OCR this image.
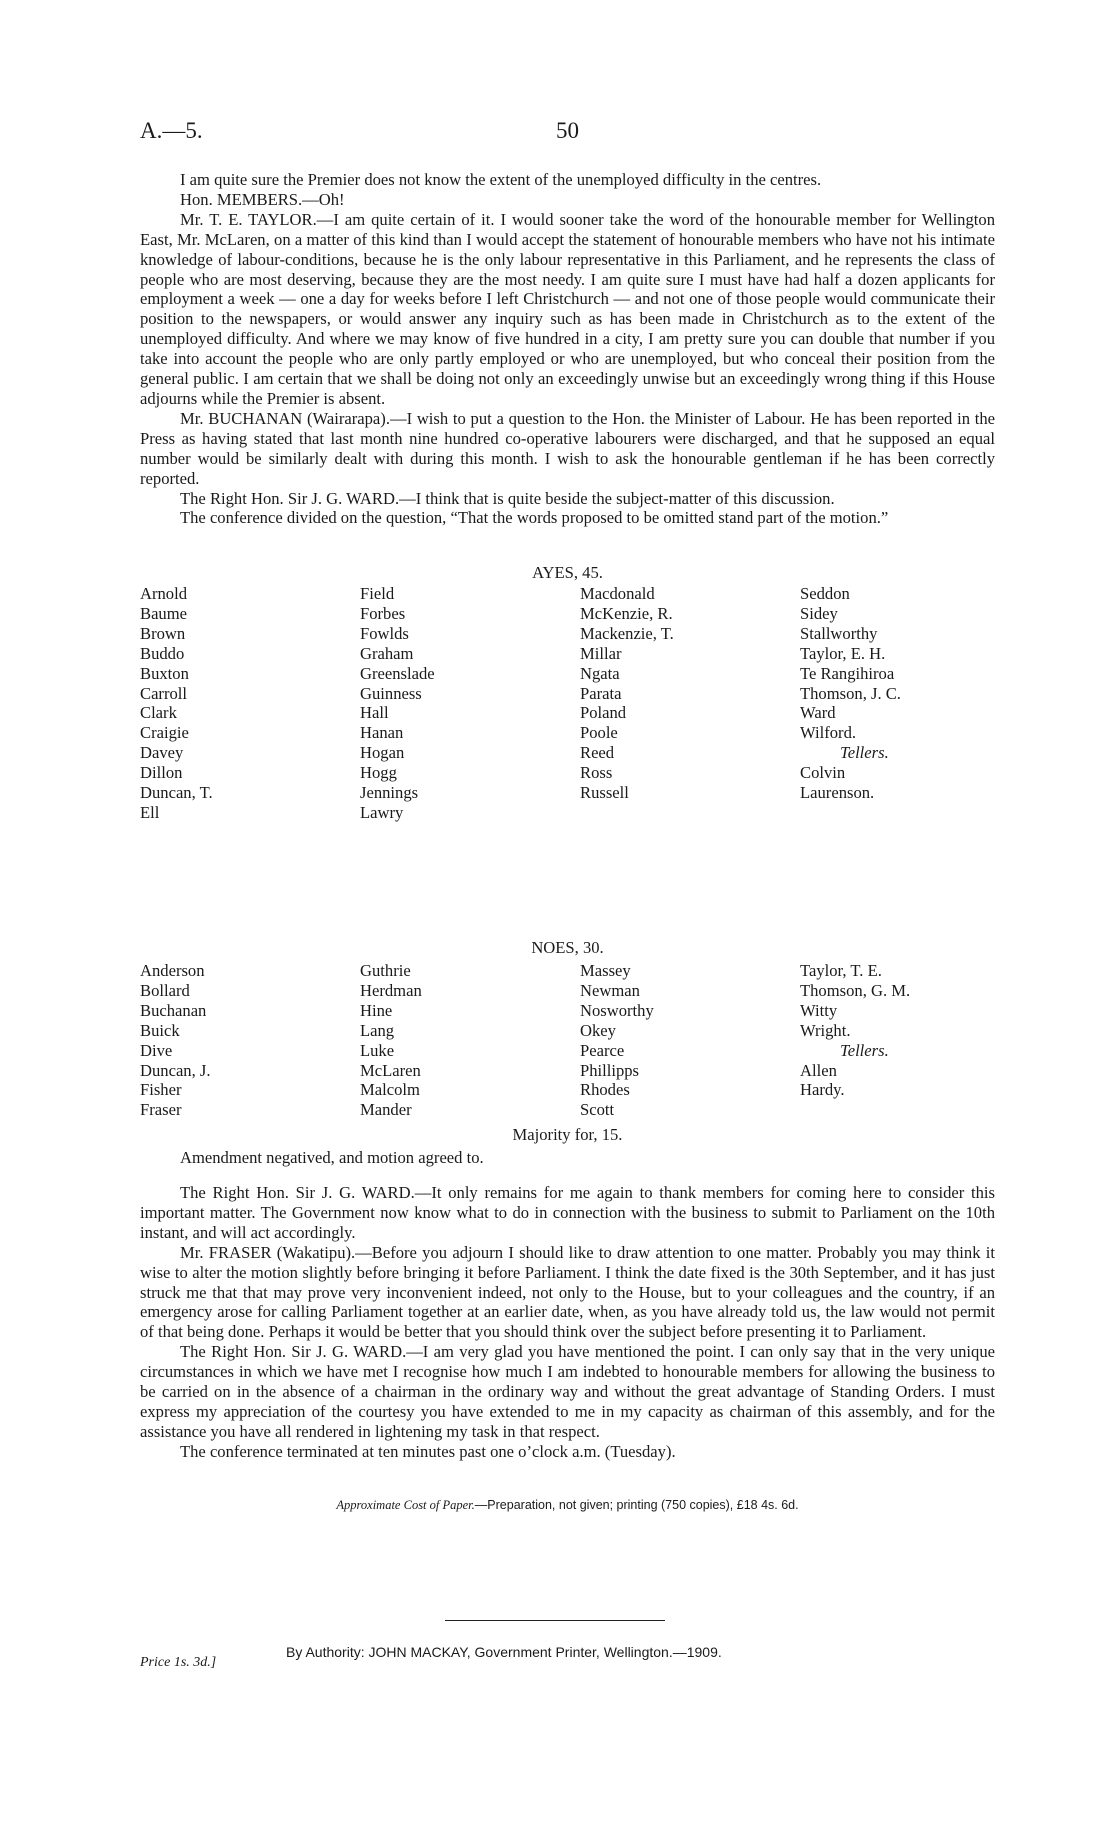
A.—5.	50

I am quite sure the Premier does not know the extent of the unemployed difficulty in the centres.

Hon. MEMBERS.—Oh!

Mr. T. E. TAYLOR.—I am quite certain of it. I would sooner take the word of the honourable member for Wellington East, Mr. McLaren, on a matter of this kind than I would accept the statement of honourable members who have not his intimate knowledge of labour-conditions, because he is the only labour representative in this Parliament, and he represents the class of people who are most deserving, because they are the most needy. I am quite sure I must have had half a dozen applicants for employment a week — one a day for weeks before I left Christchurch — and not one of those people would communicate their position to the newspapers, or would answer any inquiry such as has been made in Christchurch as to the extent of the unemployed difficulty. And where we may know of five hundred in a city, I am pretty sure you can double that number if you take into account the people who are only partly employed or who are unemployed, but who conceal their position from the general public. I am certain that we shall be doing not only an exceedingly unwise but an exceedingly wrong thing if this House adjourns while the Premier is absent.

Mr. BUCHANAN (Wairarapa).—I wish to put a question to the Hon. the Minister of Labour. He has been reported in the Press as having stated that last month nine hundred co-operative labourers were discharged, and that he supposed an equal number would be similarly dealt with during this month. I wish to ask the honourable gentleman if he has been correctly reported.

The Right Hon. Sir J. G. WARD.—I think that is quite beside the subject-matter of this discussion.

The conference divided on the question, “That the words proposed to be omitted stand part of the motion.”

AYES, 45.
Arnold
Baume
Brown
Buddo
Buxton
Carroll
Clark
Craigie
Davey
Dillon
Duncan, T.
Ell
Field
Forbes
Fowlds
Graham
Greenslade
Guinness
Hall
Hanan
Hogan
Hogg
Jennings
Lawry
Macdonald
McKenzie, R.
Mackenzie, T.
Millar
Ngata
Parata
Poland
Poole
Reed
Ross
Russell
Seddon
Sidey
Stallworthy
Taylor, E. H.
Te Rangihiroa
Thomson, J. C.
Ward
Wilford.
Tellers.
Colvin
Laurenson.
NOES, 30.
Anderson
Bollard
Buchanan
Buick
Dive
Duncan, J.
Fisher
Fraser
Guthrie
Herdman
Hine
Lang
Luke
McLaren
Malcolm
Mander
Massey
Newman
Nosworthy
Okey
Pearce
Phillipps
Rhodes
Scott
Taylor, T. E.
Thomson, G. M.
Witty
Wright.
Tellers.
Allen
Hardy.
Majority for, 15.
Amendment negatived, and motion agreed to.

The Right Hon. Sir J. G. WARD.—It only remains for me again to thank members for coming here to consider this important matter. The Government now know what to do in connection with the business to submit to Parliament on the 10th instant, and will act accordingly.

Mr. FRASER (Wakatipu).—Before you adjourn I should like to draw attention to one matter. Probably you may think it wise to alter the motion slightly before bringing it before Parliament. I think the date fixed is the 30th September, and it has just struck me that that may prove very inconvenient indeed, not only to the House, but to your colleagues and the country, if an emergency arose for calling Parliament together at an earlier date, when, as you have already told us, the law would not permit of that being done. Perhaps it would be better that you should think over the subject before presenting it to Parliament.

The Right Hon. Sir J. G. WARD.—I am very glad you have mentioned the point. I can only say that in the very unique circumstances in which we have met I recognise how much I am indebted to honourable members for allowing the business to be carried on in the absence of a chairman in the ordinary way and without the great advantage of Standing Orders. I must express my appreciation of the courtesy you have extended to me in my capacity as chairman of this assembly, and for the assistance you have all rendered in lightening my task in that respect.

The conference terminated at ten minutes past one o’clock a.m. (Tuesday).

Approximate Cost of Paper.—Preparation, not given; printing (750 copies), £18 4s. 6d.
Price 1s. 3d.]
By Authority: JOHN MACKAY, Government Printer, Wellington.—1909.
